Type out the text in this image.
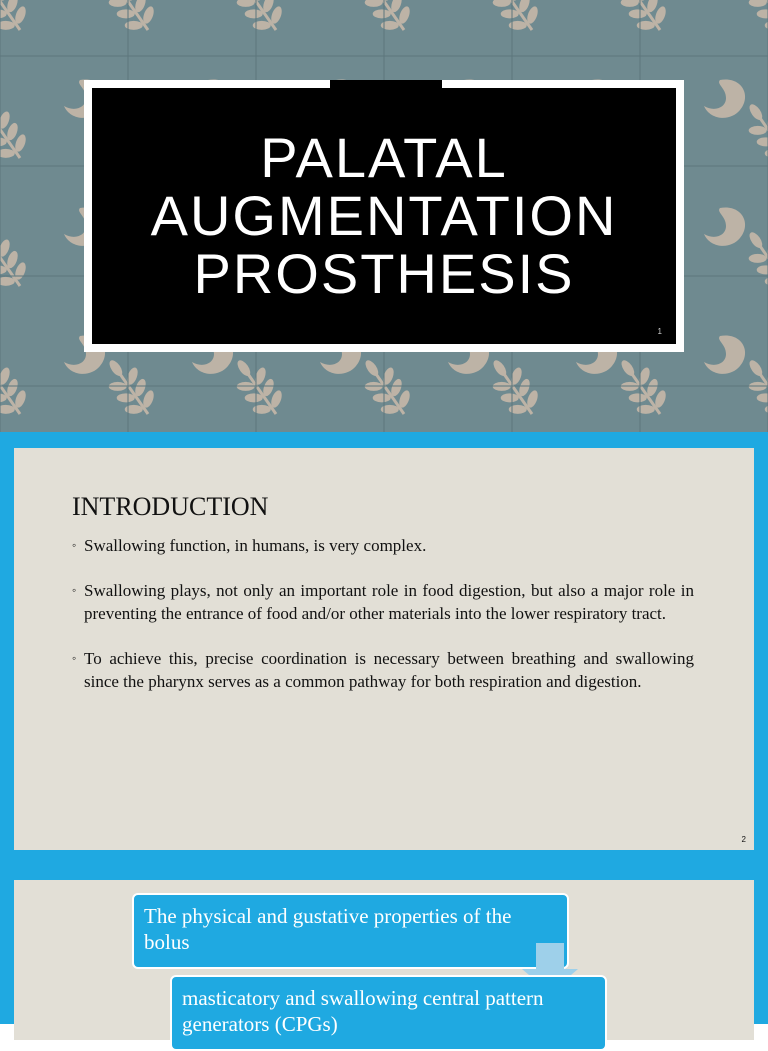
PALATAL
AUGMENTATION
PROSTHESIS
1
INTRODUCTION
◦ Swallowing function, in humans, is very complex.
◦ Swallowing plays, not only an important role in food digestion, but also a major role in preventing the entrance of food and/or other materials into the lower respiratory tract.
◦ To achieve this, precise coordination is necessary between breathing and swallowing since the pharynx serves as a common pathway for both respiration and digestion.
2
The physical and gustative properties of the bolus
masticatory and swallowing central pattern generators (CPGs)
